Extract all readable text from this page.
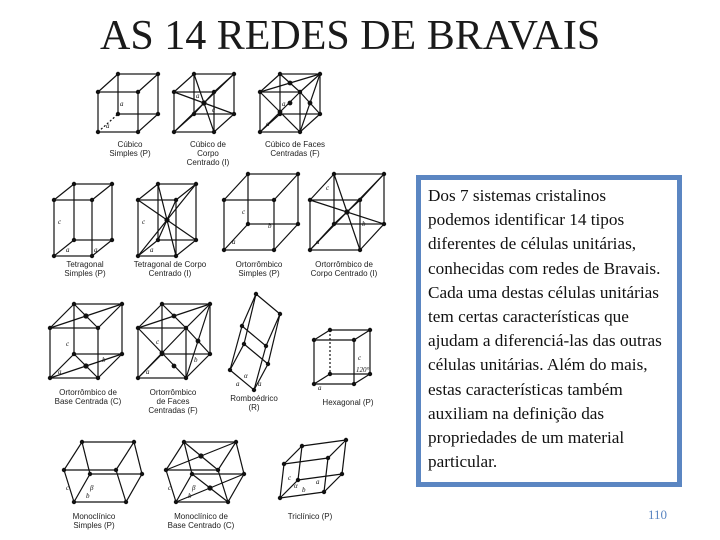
AS 14 REDES DE BRAVAIS
a
a
Cúbico
Simples (P)
a
c
Cúbico de
Corpo
Centrado (I)
a
a
Cúbico de Faces
Centradas (F)
c
a	a
Tetragonal
Simples (P)
c
a
Tetragonal de Corpo
Centrado (I)
c
b
a
Ortorrômbico
Simples (P)
c
b
a
Ortorrômbico de
Corpo Centrado (I)
c
b
a
Ortorrômbico de
Base Centrada (C)
c
b
a
Ortorrômbico
de Faces
Centradas (F)
a	a
α
Romboédrico
(R)
c
a
120°
Hexagonal (P)
c
b
β
Monoclínico
Simples (P)
c
b
β
Monoclínico de
Base Centrado (C)
c
b
a
α
Triclínico (P)

Dos 7 sistemas cristalinos podemos identificar 14 tipos diferentes de células unitárias, conhecidas com redes de Bravais. Cada uma destas células unitárias tem certas características que ajudam a diferenciá-las das outras células unitárias. Além do mais, estas características também auxiliam na definição das propriedades de um material particular.

110
